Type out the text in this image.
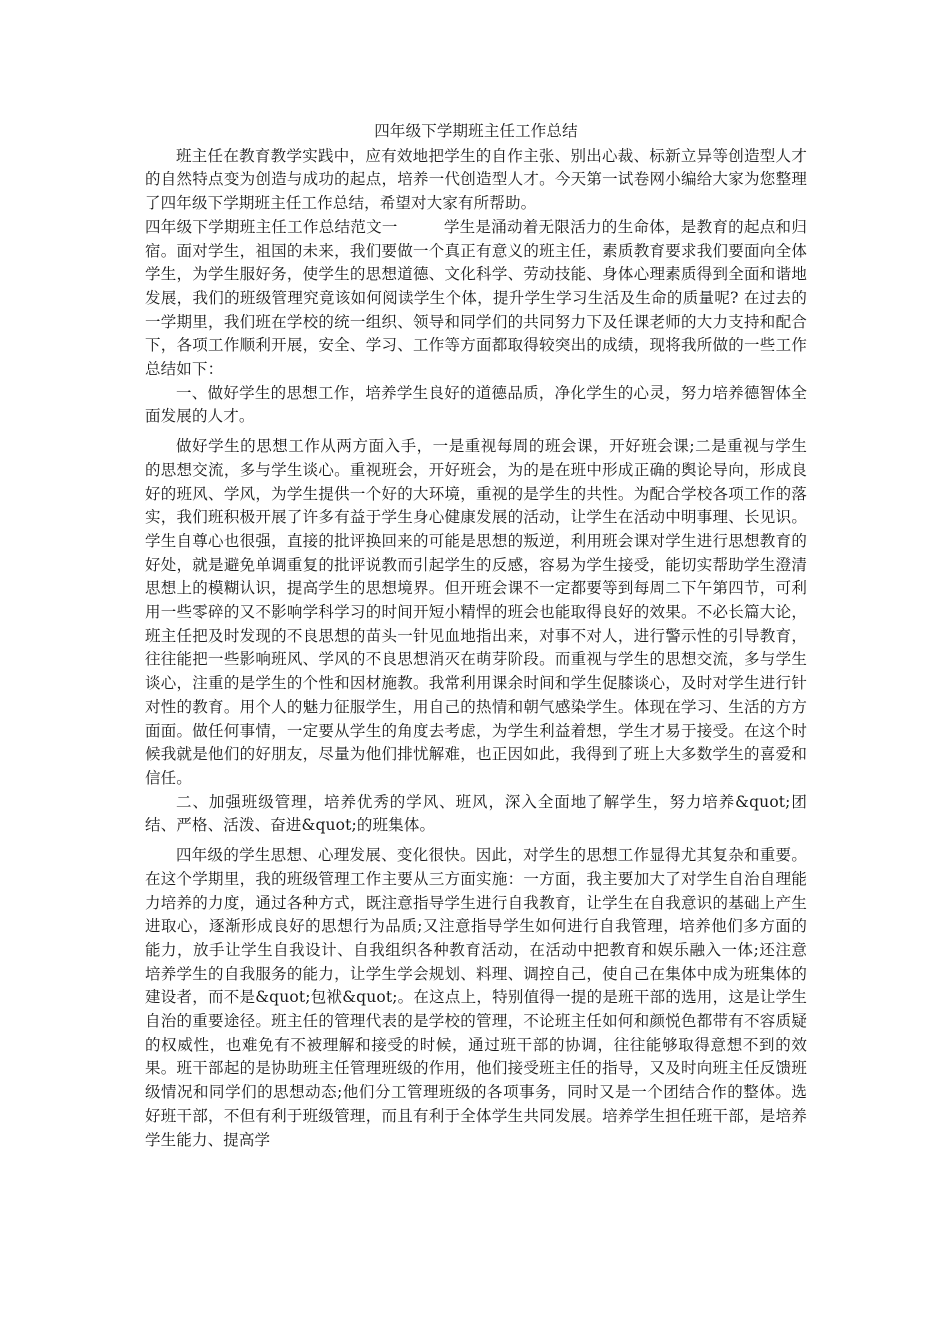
四年级下学期班主任工作总结

班主任在教育教学实践中，应有效地把学生的自作主张、别出心裁、标新立异等创造型人才的自然特点变为创造与成功的起点，培养一代创造型人才。今天第一试卷网小编给大家为您整理了四年级下学期班主任工作总结，希望对大家有所帮助。

四年级下学期班主任工作总结范文一	学生是涌动着无限活力的生命体，是教育的起点和归宿。面对学生，祖国的未来，我们要做一个真正有意义的班主任，素质教育要求我们要面向全体学生，为学生服好务，使学生的思想道德、文化科学、劳动技能、身体心理素质得到全面和谐地发展，我们的班级管理究竟该如何阅读学生个体，提升学生学习生活及生命的质量呢? 在过去的一学期里，我们班在学校的统一组织、领导和同学们的共同努力下及任课老师的大力支持和配合下，各项工作顺利开展，安全、学习、工作等方面都取得较突出的成绩，现将我所做的一些工作总结如下：

一、做好学生的思想工作，培养学生良好的道德品质，净化学生的心灵，努力培养德智体全面发展的人才。

做好学生的思想工作从两方面入手，一是重视每周的班会课，开好班会课;二是重视与学生的思想交流，多与学生谈心。重视班会，开好班会，为的是在班中形成正确的舆论导向，形成良好的班风、学风，为学生提供一个好的大环境，重视的是学生的共性。为配合学校各项工作的落实，我们班积极开展了许多有益于学生身心健康发展的活动，让学生在活动中明事理、长见识。学生自尊心也很强，直接的批评换回来的可能是思想的叛逆，利用班会课对学生进行思想教育的好处，就是避免单调重复的批评说教而引起学生的反感，容易为学生接受，能切实帮助学生澄清思想上的模糊认识，提高学生的思想境界。但开班会课不一定都要等到每周二下午第四节，可利用一些零碎的又不影响学科学习的时间开短小精悍的班会也能取得良好的效果。不必长篇大论，班主任把及时发现的不良思想的苗头一针见血地指出来，对事不对人，进行警示性的引导教育，往往能把一些影响班风、学风的不良思想消灭在萌芽阶段。而重视与学生的思想交流，多与学生谈心，注重的是学生的个性和因材施教。我常利用课余时间和学生促膝谈心，及时对学生进行针对性的教育。用个人的魅力征服学生，用自己的热情和朝气感染学生。体现在学习、生活的方方面面。做任何事情，一定要从学生的角度去考虑，为学生利益着想，学生才易于接受。在这个时候我就是他们的好朋友，尽量为他们排忧解难，也正因如此，我得到了班上大多数学生的喜爱和信任。

二、加强班级管理，培养优秀的学风、班风，深入全面地了解学生，努力培养&quot;团结、严格、活泼、奋进&quot;的班集体。

四年级的学生思想、心理发展、变化很快。因此，对学生的思想工作显得尤其复杂和重要。在这个学期里，我的班级管理工作主要从三方面实施：一方面，我主要加大了对学生自治自理能力培养的力度，通过各种方式，既注意指导学生进行自我教育，让学生在自我意识的基础上产生进取心，逐渐形成良好的思想行为品质;又注意指导学生如何进行自我管理，培养他们多方面的能力，放手让学生自我设计、自我组织各种教育活动，在活动中把教育和娱乐融入一体;还注意培养学生的自我服务的能力，让学生学会规划、料理、调控自己，使自己在集体中成为班集体的建设者，而不是&quot;包袱&quot;。在这点上，特别值得一提的是班干部的选用，这是让学生自治的重要途径。班主任的管理代表的是学校的管理，不论班主任如何和颜悦色都带有不容质疑的权威性，也难免有不被理解和接受的时候，通过班干部的协调，往往能够取得意想不到的效果。班干部起的是协助班主任管理班级的作用，他们接受班主任的指导，又及时向班主任反馈班级情况和同学们的思想动态;他们分工管理班级的各项事务，同时又是一个团结合作的整体。选好班干部，不但有利于班级管理，而且有利于全体学生共同发展。培养学生担任班干部，是培养学生能力、提高学
